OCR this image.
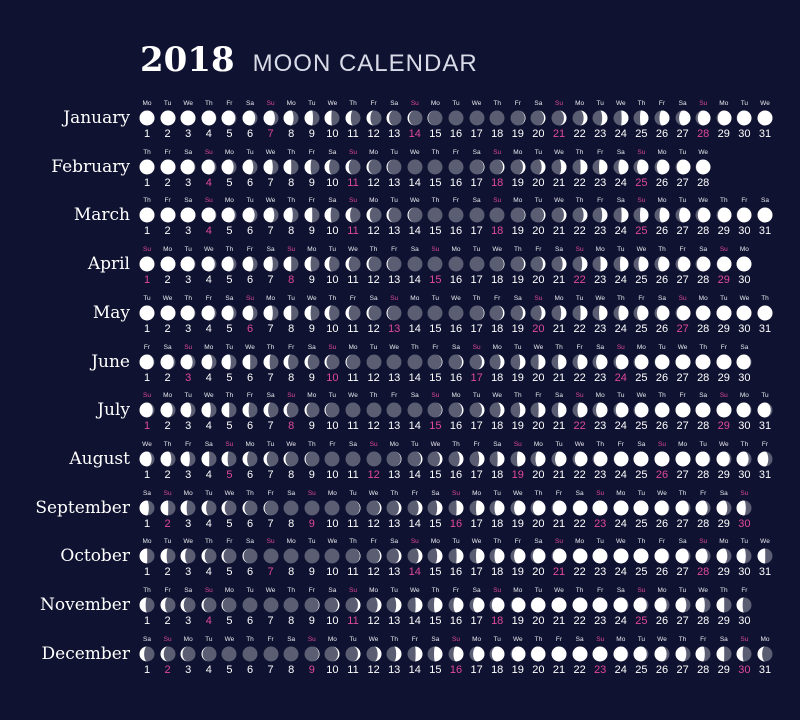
2018 MOON CALENDAR
January
Mo
1
Tu
2
We
3
Th
4
Fr
5
Sa
6
Su
7
Mo
8
Tu
9
We
10
Th
11
Fr
12
Sa
13
Su
14
Mo
15
Tu
16
We
17
Th
18
Fr
19
Sa
20
Su
21
Mo
22
Tu
23
We
24
Th
25
Fr
26
Sa
27
Su
28
Mo
29
Tu
30
We
31
February
Th
1
Fr
2
Sa
3
Su
4
Mo
5
Tu
6
We
7
Th
8
Fr
9
Sa
10
Su
11
Mo
12
Tu
13
We
14
Th
15
Fr
16
Sa
17
Su
18
Mo
19
Tu
20
We
21
Th
22
Fr
23
Sa
24
Su
25
Mo
26
Tu
27
We
28
March
Th
1
Fr
2
Sa
3
Su
4
Mo
5
Tu
6
We
7
Th
8
Fr
9
Sa
10
Su
11
Mo
12
Tu
13
We
14
Th
15
Fr
16
Sa
17
Su
18
Mo
19
Tu
20
We
21
Th
22
Fr
23
Sa
24
Su
25
Mo
26
Tu
27
We
28
Th
29
Fr
30
Sa
31
April
Su
1
Mo
2
Tu
3
We
4
Th
5
Fr
6
Sa
7
Su
8
Mo
9
Tu
10
We
11
Th
12
Fr
13
Sa
14
Su
15
Mo
16
Tu
17
We
18
Th
19
Fr
20
Sa
21
Su
22
Mo
23
Tu
24
We
25
Th
26
Fr
27
Sa
28
Su
29
Mo
30
May
Tu
1
We
2
Th
3
Fr
4
Sa
5
Su
6
Mo
7
Tu
8
We
9
Th
10
Fr
11
Sa
12
Su
13
Mo
14
Tu
15
We
16
Th
17
Fr
18
Sa
19
Su
20
Mo
21
Tu
22
We
23
Th
24
Fr
25
Sa
26
Su
27
Mo
28
Tu
29
We
30
Th
31
June
Fr
1
Sa
2
Su
3
Mo
4
Tu
5
We
6
Th
7
Fr
8
Sa
9
Su
10
Mo
11
Tu
12
We
13
Th
14
Fr
15
Sa
16
Su
17
Mo
18
Tu
19
We
20
Th
21
Fr
22
Sa
23
Su
24
Mo
25
Tu
26
We
27
Th
28
Fr
29
Sa
30
July
Su
1
Mo
2
Tu
3
We
4
Th
5
Fr
6
Sa
7
Su
8
Mo
9
Tu
10
We
11
Th
12
Fr
13
Sa
14
Su
15
Mo
16
Tu
17
We
18
Th
19
Fr
20
Sa
21
Su
22
Mo
23
Tu
24
We
25
Th
26
Fr
27
Sa
28
Su
29
Mo
30
Tu
31
August
We
1
Th
2
Fr
3
Sa
4
Su
5
Mo
6
Tu
7
We
8
Th
9
Fr
10
Sa
11
Su
12
Mo
13
Tu
14
We
15
Th
16
Fr
17
Sa
18
Su
19
Mo
20
Tu
21
We
22
Th
23
Fr
24
Sa
25
Su
26
Mo
27
Tu
28
We
29
Th
30
Fr
31
September
Sa
1
Su
2
Mo
3
Tu
4
We
5
Th
6
Fr
7
Sa
8
Su
9
Mo
10
Tu
11
We
12
Th
13
Fr
14
Sa
15
Su
16
Mo
17
Tu
18
We
19
Th
20
Fr
21
Sa
22
Su
23
Mo
24
Tu
25
We
26
Th
27
Fr
28
Sa
29
Su
30
October
Mo
1
Tu
2
We
3
Th
4
Fr
5
Sa
6
Su
7
Mo
8
Tu
9
We
10
Th
11
Fr
12
Sa
13
Su
14
Mo
15
Tu
16
We
17
Th
18
Fr
19
Sa
20
Su
21
Mo
22
Tu
23
We
24
Th
25
Fr
26
Sa
27
Su
28
Mo
29
Tu
30
We
31
November
Th
1
Fr
2
Sa
3
Su
4
Mo
5
Tu
6
We
7
Th
8
Fr
9
Sa
10
Su
11
Mo
12
Tu
13
We
14
Th
15
Fr
16
Sa
17
Su
18
Mo
19
Tu
20
We
21
Th
22
Fr
23
Sa
24
Su
25
Mo
26
Tu
27
We
28
Th
29
Fr
30
December
Sa
1
Su
2
Mo
3
Tu
4
We
5
Th
6
Fr
7
Sa
8
Su
9
Mo
10
Tu
11
We
12
Th
13
Fr
14
Sa
15
Su
16
Mo
17
Tu
18
We
19
Th
20
Fr
21
Sa
22
Su
23
Mo
24
Tu
25
We
26
Th
27
Fr
28
Sa
29
Su
30
Mo
31
